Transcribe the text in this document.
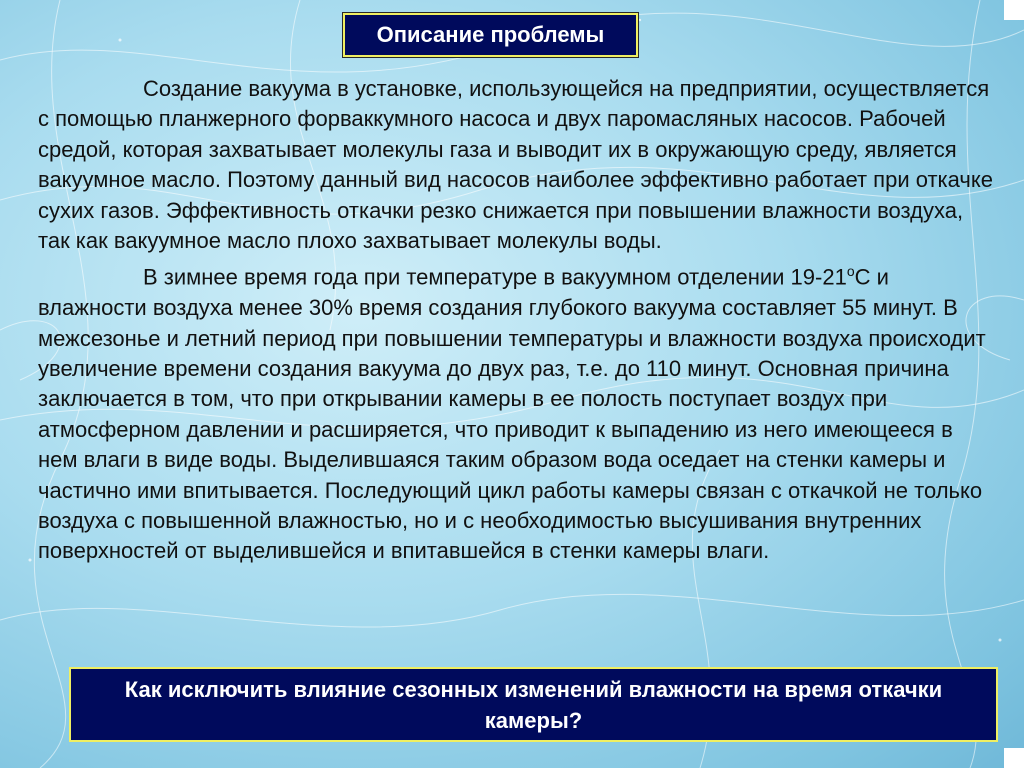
Описание проблемы

Создание вакуума в установке, использующейся на предприятии, осуществляется с помощью планжерного форваккумного насоса и двух паромасляных насосов. Рабочей средой, которая захватывает молекулы газа и выводит их в окружающую среду, является вакуумное масло. Поэтому данный вид насосов наиболее эффективно работает при откачке сухих газов. Эффективность откачки резко снижается при повышении влажности воздуха, так как вакуумное масло плохо захватывает молекулы воды.

В зимнее время года при температуре в вакуумном отделении $19-21^оС$ и влажности воздуха менее 30% время создания глубокого вакуума составляет 55 минут. В межсезонье и летний период при повышении температуры и влажности воздуха происходит увеличение времени создания вакуума до двух раз, т.е. до 110 минут. Основная причина заключается в том, что при открывании камеры в ее полость поступает воздух при атмосферном давлении и расширяется, что приводит к выпадению из него имеющееся в нем влаги в виде воды. Выделившаяся таким образом вода оседает на стенки камеры и частично ими впитывается. Последующий цикл работы камеры связан с откачкой не только воздуха с повышенной влажностью, но и с необходимостью высушивания внутренних поверхностей от выделившейся и впитавшейся в стенки камеры влаги.

Как исключить влияние сезонных изменений влажности на время откачки камеры?
